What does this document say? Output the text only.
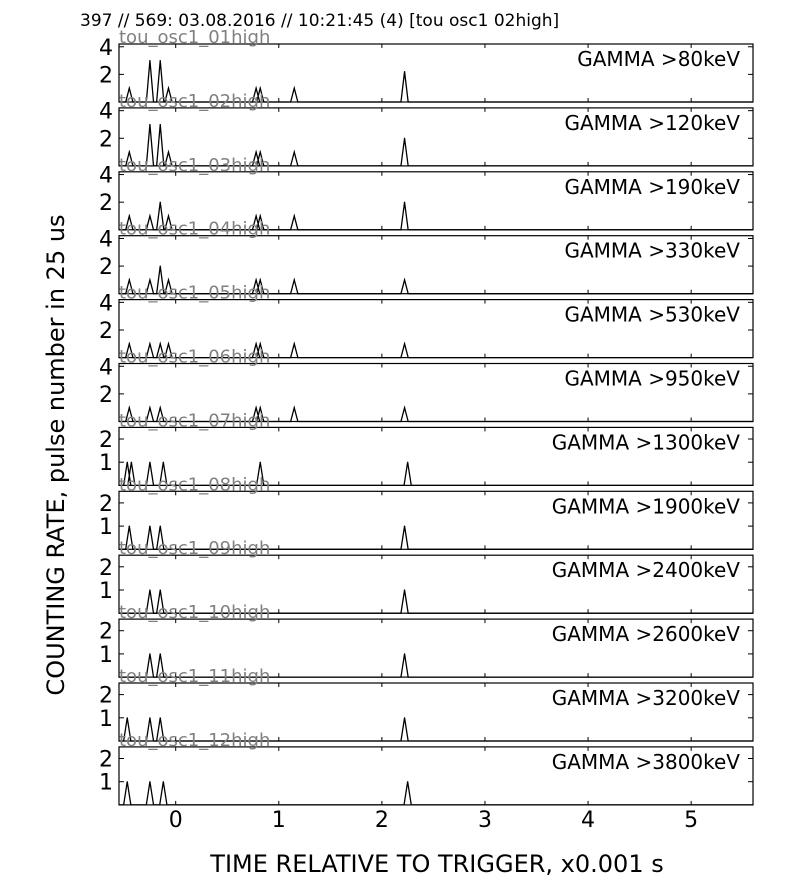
397 // 569: 03.08.2016 // 10:21:45 (4) [tou osc1 02high]
2
4	GAMMA >80keV
tou_osc1_01high
2
4	GAMMA >120keV
tou_osc1_02high
2
4	GAMMA >190keV
tou_osc1_03high
2
4	GAMMA >330keV
tou_osc1_04high
2
4	GAMMA >530keV
tou_osc1_05high
2
4	GAMMA >950keV
tou_osc1_06high
1
2	GAMMA >1300keV
tou_osc1_07high
1
2	GAMMA >1900keV
tou_osc1_08high
1
2	GAMMA >2400keV
tou_osc1_09high
1
2	GAMMA >2600keV
tou_osc1_10high
1
2	GAMMA >3200keV
tou_osc1_11high
1
2	GAMMA >3800keV
tou_osc1_12high
0	1	2	3	4	5
TIME RELATIVE TO TRIGGER, x0.001 s
COUNTING RATE, pulse number in 25 us
